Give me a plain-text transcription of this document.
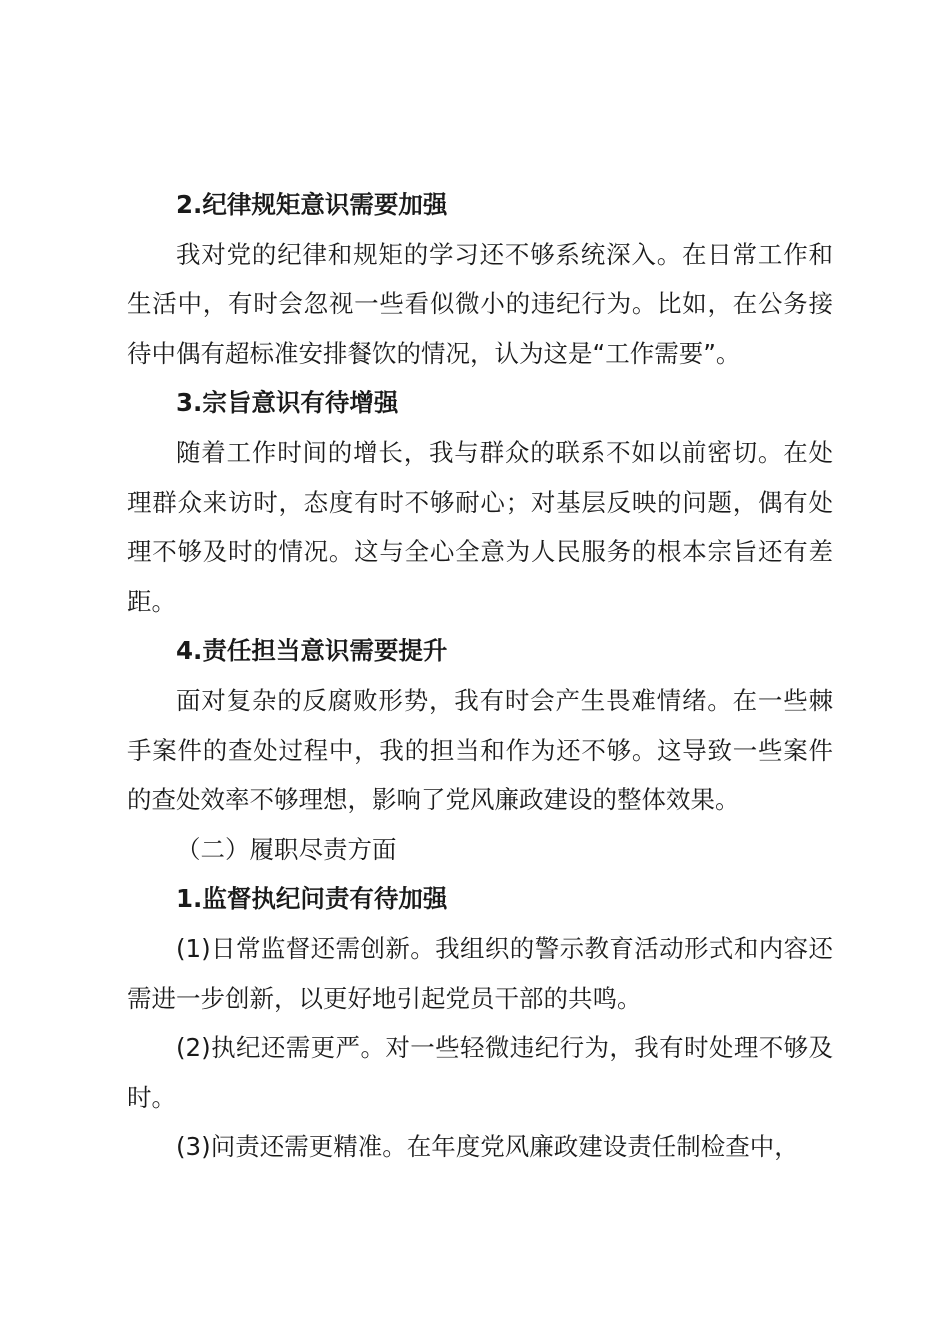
2.纪律规矩意识需要加强

我对党的纪律和规矩的学习还不够系统深入。在日常工作和生活中，有时会忽视一些看似微小的违纪行为。比如，在公务接待中偶有超标准安排餐饮的情况，认为这是“工作需要”。

3.宗旨意识有待增强

随着工作时间的增长，我与群众的联系不如以前密切。在处理群众来访时，态度有时不够耐心；对基层反映的问题，偶有处理不够及时的情况。这与全心全意为人民服务的根本宗旨还有差距。

4.责任担当意识需要提升

面对复杂的反腐败形势，我有时会产生畏难情绪。在一些棘手案件的查处过程中，我的担当和作为还不够。这导致一些案件的查处效率不够理想，影响了党风廉政建设的整体效果。

（二）履职尽责方面

1.监督执纪问责有待加强

(1)日常监督还需创新。我组织的警示教育活动形式和内容还需进一步创新，以更好地引起党员干部的共鸣。

(2)执纪还需更严。对一些轻微违纪行为，我有时处理不够及时。

(3)问责还需更精准。在年度党风廉政建设责任制检查中，
